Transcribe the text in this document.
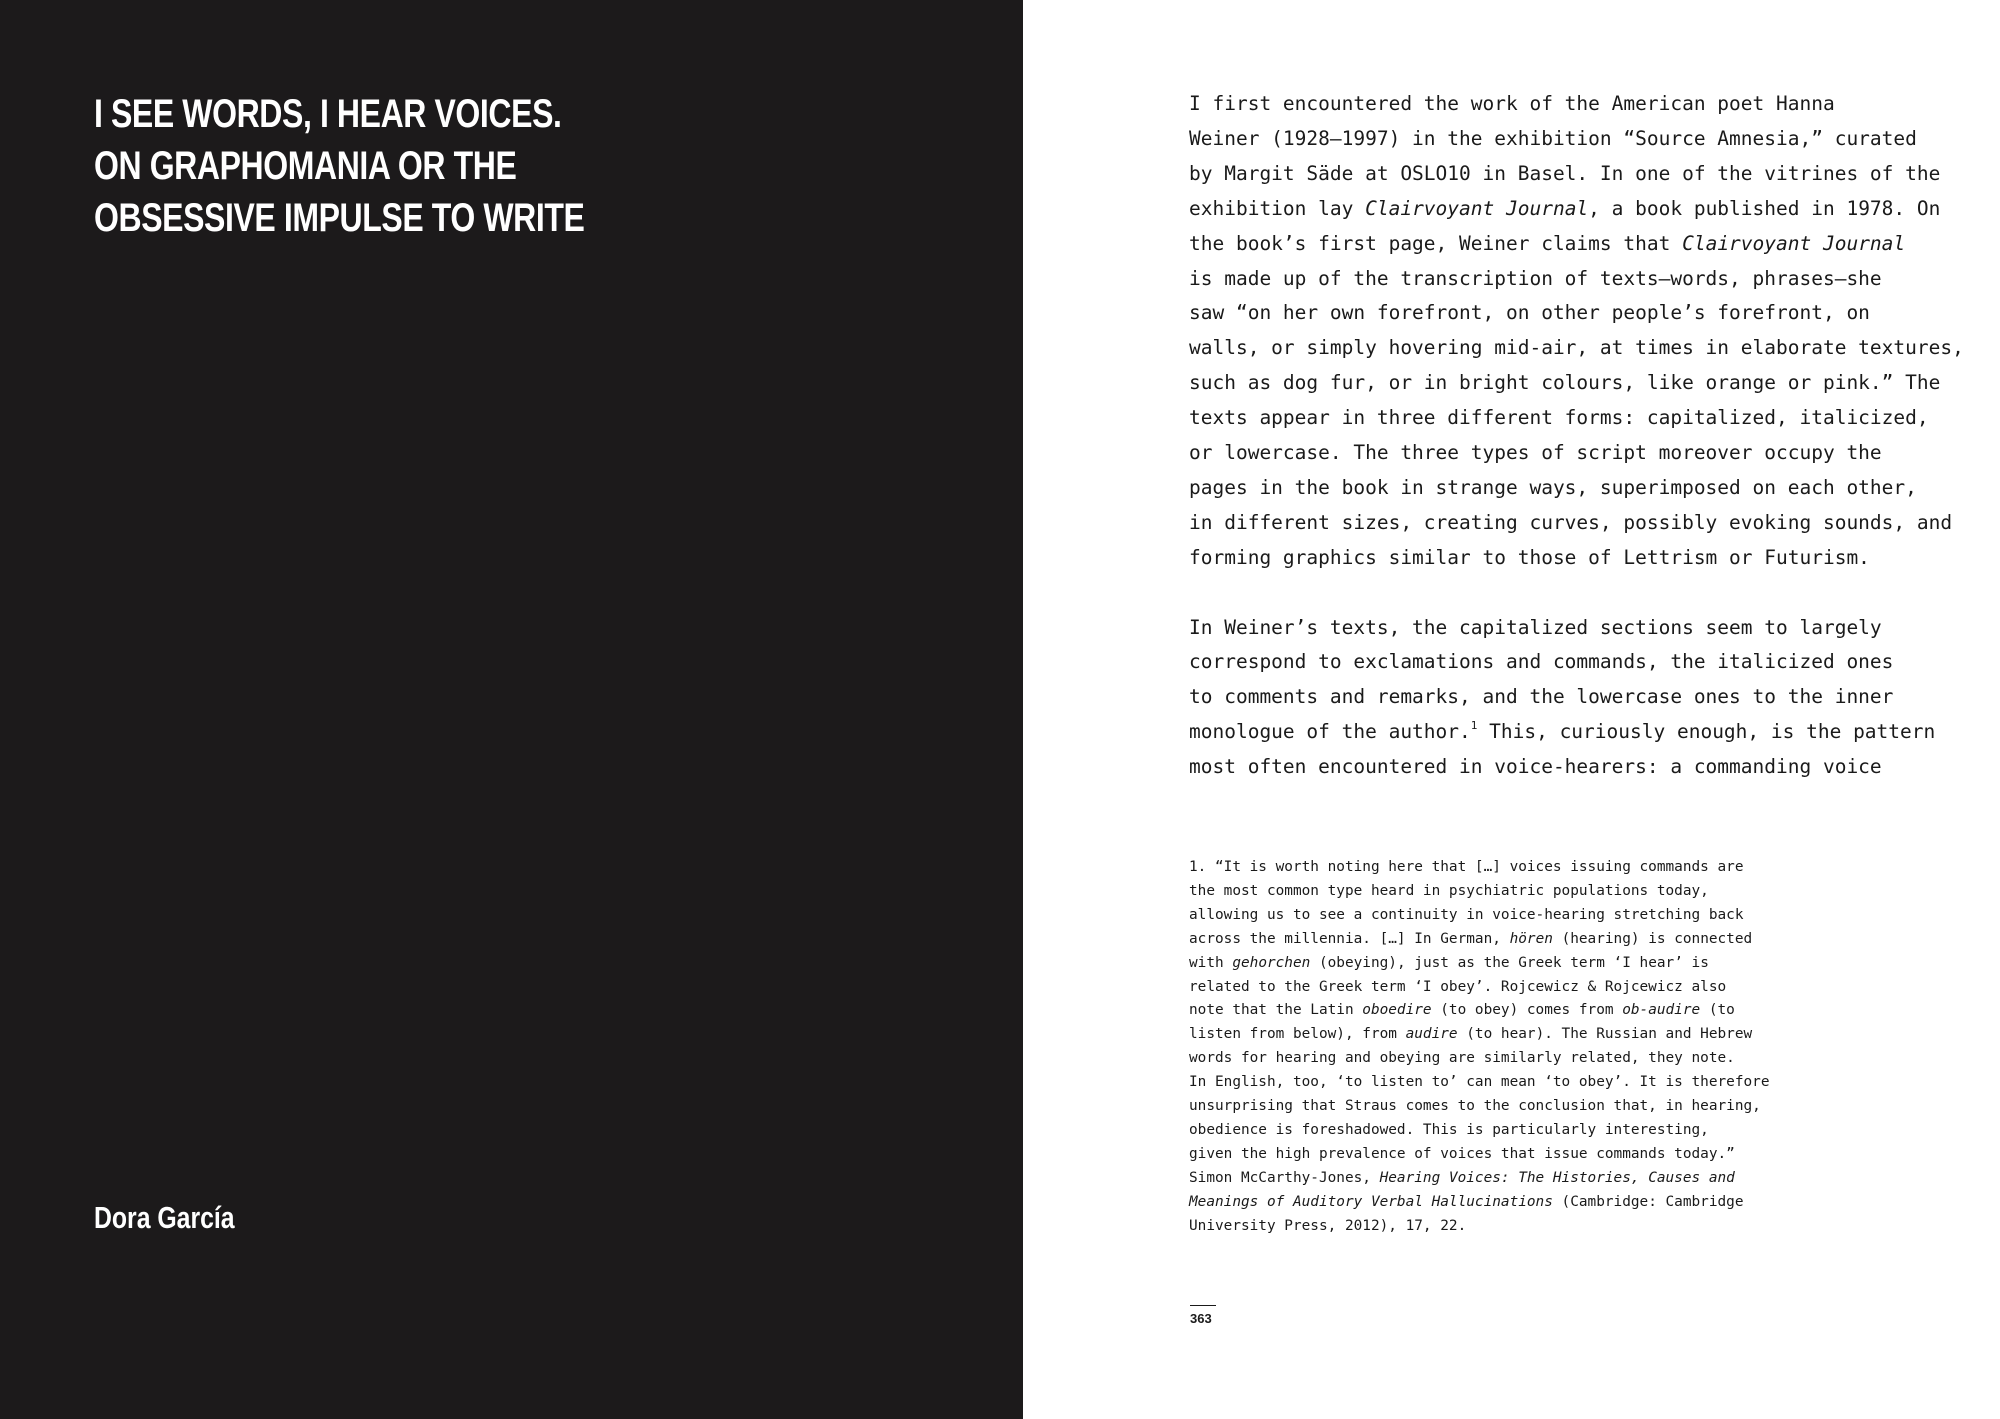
I SEE WORDS, I HEAR VOICES.
ON GRAPHOMANIA OR THE
OBSESSIVE IMPULSE TO WRITE

Dora García

I first encountered the work of the American poet Hanna
Weiner (1928–1997) in the exhibition “Source Amnesia,” curated
by Margit Säde at OSLO10 in Basel. In one of the vitrines of the
exhibition lay Clairvoyant Journal, a book published in 1978. On
the book’s first page, Weiner claims that Clairvoyant Journal
is made up of the transcription of texts—words, phrases—she
saw “on her own forefront, on other people’s forefront, on
walls, or simply hovering mid-air, at times in elaborate textures,
such as dog fur, or in bright colours, like orange or pink.” The
texts appear in three different forms: capitalized, italicized,
or lowercase. The three types of script moreover occupy the
pages in the book in strange ways, superimposed on each other,
in different sizes, creating curves, possibly evoking sounds, and
forming graphics similar to those of Lettrism or Futurism.

In Weiner’s texts, the capitalized sections seem to largely
correspond to exclamations and commands, the italicized ones
to comments and remarks, and the lowercase ones to the inner
monologue of the author.$^1$ This, curiously enough, is the pattern
most often encountered in voice-hearers: a commanding voice

1. “It is worth noting here that […] voices issuing commands are
the most common type heard in psychiatric populations today,
allowing us to see a continuity in voice-hearing stretching back
across the millennia. […] In German, hören (hearing) is connected
with gehorchen (obeying), just as the Greek term ‘I hear’ is
related to the Greek term ‘I obey’. Rojcewicz & Rojcewicz also
note that the Latin oboedire (to obey) comes from ob-audire (to
listen from below), from audire (to hear). The Russian and Hebrew
words for hearing and obeying are similarly related, they note.
In English, too, ‘to listen to’ can mean ‘to obey’. It is therefore
unsurprising that Straus comes to the conclusion that, in hearing,
obedience is foreshadowed. This is particularly interesting,
given the high prevalence of voices that issue commands today.”
Simon McCarthy-Jones, Hearing Voices: The Histories, Causes and
Meanings of Auditory Verbal Hallucinations (Cambridge: Cambridge
University Press, 2012), 17, 22.

363
